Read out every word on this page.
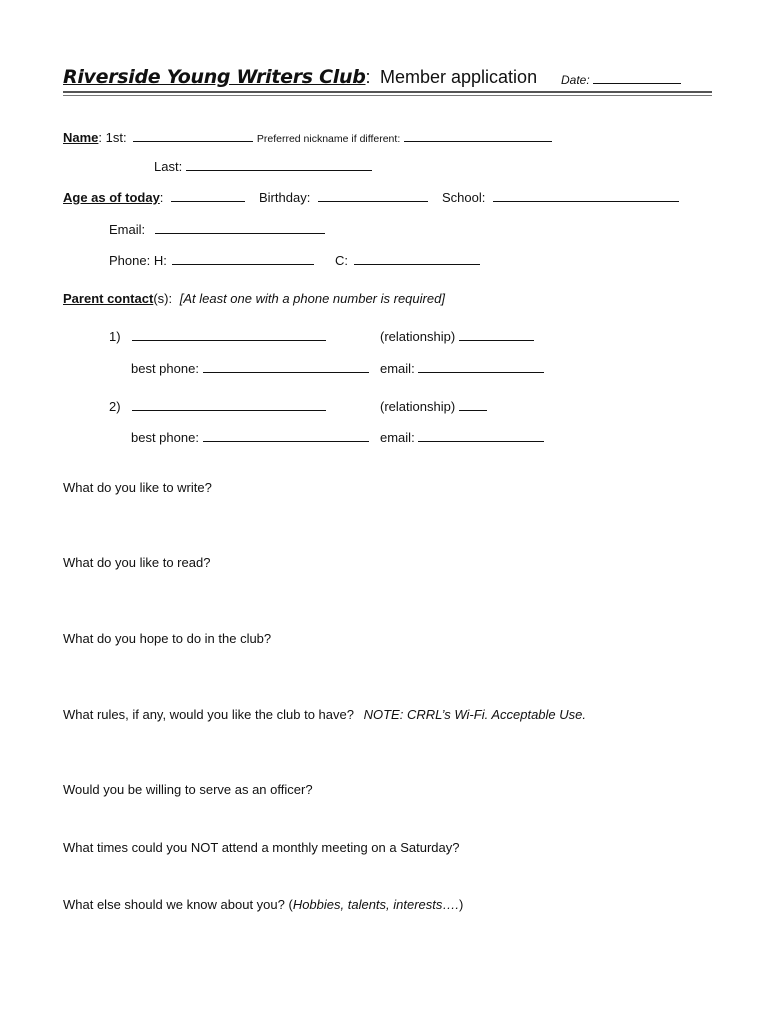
Riverside Young Writers Club: Member application Date:
Name: 1st:	Preferred nickname if different:
Last:
Age as of today:	Birthday:	School:
Email:
Phone: H:	C:
Parent contact(s): [At least one with a phone number is required]
1)	(relationship)
best phone:	email:
2)	(relationship)
best phone:	email:
What do you like to write?
What do you like to read?
What do you hope to do in the club?
What rules, if any, would you like the club to have? NOTE: CRRL’s Wi-Fi. Acceptable Use.
Would you be willing to serve as an officer?
What times could you NOT attend a monthly meeting on a Saturday?
What else should we know about you? (Hobbies, talents, interests….)
